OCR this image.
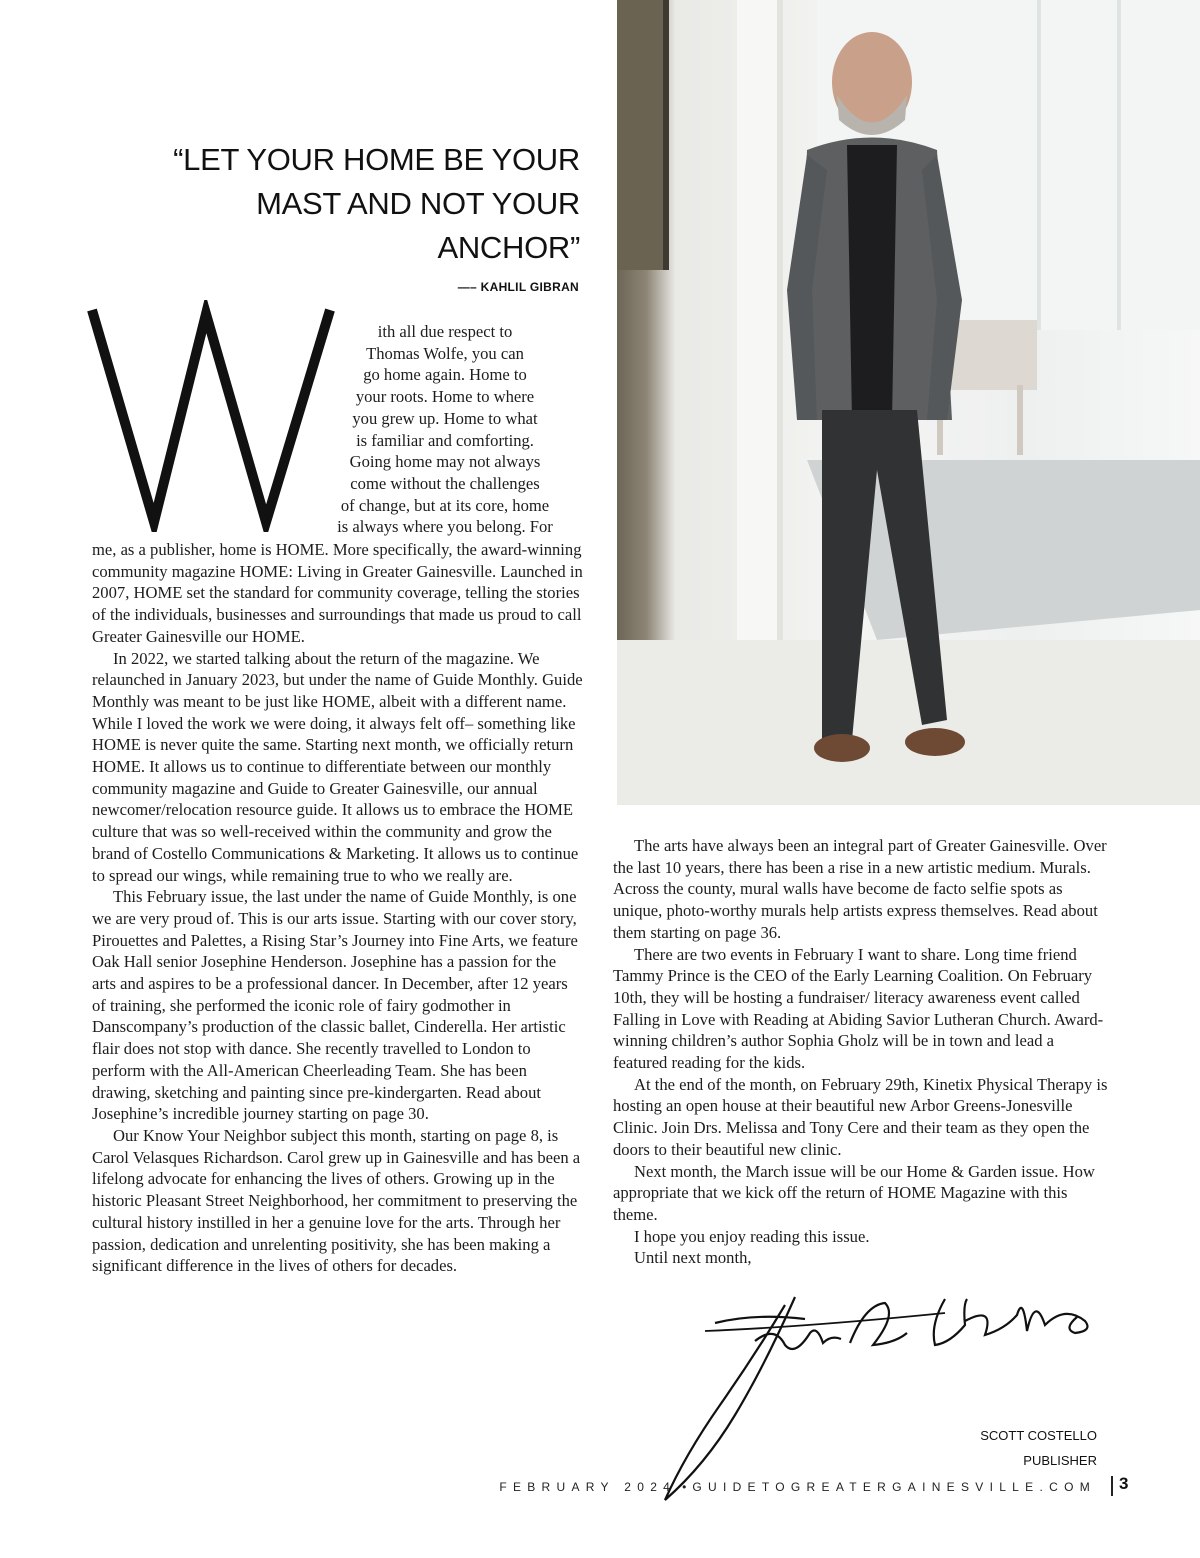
“LET YOUR HOME BE YOUR MAST AND NOT YOUR ANCHOR”
—– KAHLIL GIBRAN
ith all due respect to
Thomas Wolfe, you can
go home again. Home to
your roots. Home to where
you grew up. Home to what
is familiar and comforting.
Going home may not always
come without the challenges
of change, but at its core, home
is always where you belong. For

me, as a publisher, home is HOME. More specifically, the award-winning community magazine HOME: Living in Greater Gainesville. Launched in 2007, HOME set the standard for community coverage, telling the stories of the individuals, businesses and surroundings that made us proud to call Greater Gainesville our HOME.

In 2022, we started talking about the return of the magazine. We relaunched in January 2023, but under the name of Guide Monthly. Guide Monthly was meant to be just like HOME, albeit with a different name. While I loved the work we were doing, it always felt off– something like HOME is never quite the same. Starting next month, we officially return HOME. It allows us to continue to differentiate between our monthly community magazine and Guide to Greater Gainesville, our annual newcomer/relocation resource guide. It allows us to embrace the HOME culture that was so well-received within the community and grow the brand of Costello Communications & Marketing. It allows us to continue to spread our wings, while remaining true to who we really are.

This February issue, the last under the name of Guide Monthly, is one we are very proud of. This is our arts issue. Starting with our cover story, Pirouettes and Palettes, a Rising Star’s Journey into Fine Arts, we feature Oak Hall senior Josephine Henderson. Josephine has a passion for the arts and aspires to be a professional dancer. In December, after 12 years of training, she performed the iconic role of fairy godmother in Danscompany’s production of the classic ballet, Cinderella. Her artistic flair does not stop with dance. She recently travelled to London to perform with the All-American Cheerleading Team. She has been drawing, sketching and painting since pre-kindergarten. Read about Josephine’s incredible journey starting on page 30.

Our Know Your Neighbor subject this month, starting on page 8, is Carol Velasques Richardson. Carol grew up in Gainesville and has been a lifelong advocate for enhancing the lives of others. Growing up in the historic Pleasant Street Neighborhood, her commitment to preserving the cultural history instilled in her a genuine love for the arts. Through her passion, dedication and unrelenting positivity, she has been making a significant difference in the lives of others for decades.

The arts have always been an integral part of Greater Gainesville. Over the last 10 years, there has been a rise in a new artistic medium. Murals. Across the county, mural walls have become de facto selfie spots as unique, photo-worthy murals help artists express themselves. Read about them starting on page 36.

There are two events in February I want to share. Long time friend Tammy Prince is the CEO of the Early Learning Coalition. On February 10th, they will be hosting a fundraiser/ literacy awareness event called Falling in Love with Reading at Abiding Savior Lutheran Church. Award-winning children’s author Sophia Gholz will be in town and lead a featured reading for the kids.

At the end of the month, on February 29th, Kinetix Physical Therapy is hosting an open house at their beautiful new Arbor Greens-Jonesville Clinic. Join Drs. Melissa and Tony Cere and their team as they open the doors to their beautiful new clinic.

Next month, the March issue will be our Home & Garden issue. How appropriate that we kick off the return of HOME Magazine with this theme.

I hope you enjoy reading this issue.

Until next month,

SCOTT COSTELLO
PUBLISHER
FEBRUARY 2024 • GUIDETOGREATERGAINESVILLE.COM 3
